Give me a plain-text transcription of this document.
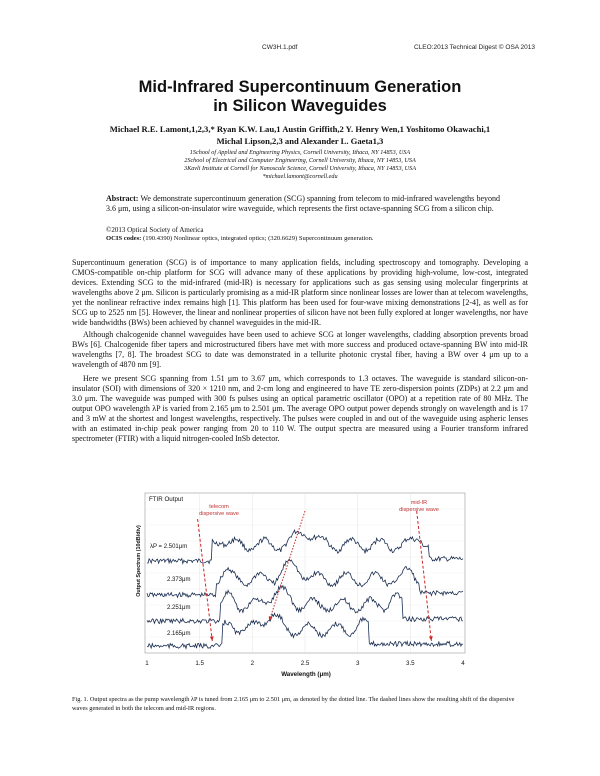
CW3H.1.pdf	CLEO:2013 Technical Digest © OSA 2013
Mid-Infrared Supercontinuum Generation
in Silicon Waveguides
Michael R.E. Lamont,1,2,3,* Ryan K.W. Lau,1 Austin Griffith,2 Y. Henry Wen,1 Yoshitomo Okawachi,1
Michal Lipson,2,3 and Alexander L. Gaeta1,3
1School of Applied and Engineering Physics, Cornell University, Ithaca, NY 14853, USA
2School of Electrical and Computer Engineering, Cornell University, Ithaca, NY 14853, USA
3Kavli Institute at Cornell for Nanoscale Science, Cornell University, Ithaca, NY 14853, USA
*michael.lamont@cornell.edu
Abstract: We demonstrate supercontinuum generation (SCG) spanning from telecom to mid-infrared wavelengths beyond 3.6 μm, using a silicon-on-insulator wire waveguide, which represents the first octave-spanning SCG from a silicon chip.
©2013 Optical Society of America
OCIS codes: (190.4390) Nonlinear optics, integrated optics; (320.6629) Supercontinuum generation.
Supercontinuum generation (SCG) is of importance to many application fields, including spectroscopy and tomography. Developing a CMOS-compatible on-chip platform for SCG will advance many of these applications by providing high-volume, low-cost, integrated devices. Extending SCG to the mid-infrared (mid-IR) is necessary for applications such as gas sensing using molecular fingerprints at wavelengths above 2 μm. Silicon is particularly promising as a mid-IR platform since nonlinear losses are lower than at telecom wavelengths, yet the nonlinear refractive index remains high [1]. This platform has been used for four-wave mixing demonstrations [2-4], as well as for SCG up to 2525 nm [5]. However, the linear and nonlinear properties of silicon have not been fully explored at longer wavelengths, nor have wide bandwidths (BWs) been achieved by channel waveguides in the mid-IR.
Although chalcogenide channel waveguides have been used to achieve SCG at longer wavelengths, cladding absorption prevents broad BWs [6]. Chalcogenide fiber tapers and microstructured fibers have met with more success and produced octave-spanning BW into mid-IR wavelengths [7, 8]. The broadest SCG to date was demonstrated in a tellurite photonic crystal fiber, having a BW over 4 μm up to a wavelength of 4870 nm [9].
Here we present SCG spanning from 1.51 μm to 3.67 μm, which corresponds to 1.3 octaves. The waveguide is standard silicon-on-insulator (SOI) with dimensions of 320 × 1210 nm, and 2-cm long and engineered to have TE zero-dispersion points (ZDPs) at 2.2 μm and 3.0 μm. The waveguide was pumped with 300 fs pulses using an optical parametric oscillator (OPO) at a repetition rate of 80 MHz. The output OPO wavelength λP is varied from 2.165 μm to 2.501 μm. The average OPO output power depends strongly on wavelength and is 17 and 3 mW at the shortest and longest wavelengths, respectively. The pulses were coupled in and out of the waveguide using aspheric lenses with an estimated in-chip peak power ranging from 20 to 110 W. The output spectra are measured using a Fourier transform infrared spectrometer (FTIR) with a liquid nitrogen-cooled InSb detector.
FTIR Output
telecom
dispersive wave
mid-IR
dispersive wave
λP = 2.501μm
2.373μm
2.251μm
2.165μm
Output Spectrum (10dB/div)
1	1.5	2	2.5	3	3.5	4
Wavelength (μm)
Fig. 1. Output spectra as the pump wavelength λP is tuned from 2.165 μm to 2.501 μm, as denoted by the dotted line. The dashed lines show the resulting shift of the dispersive waves generated in both the telecom and mid-IR regions.
